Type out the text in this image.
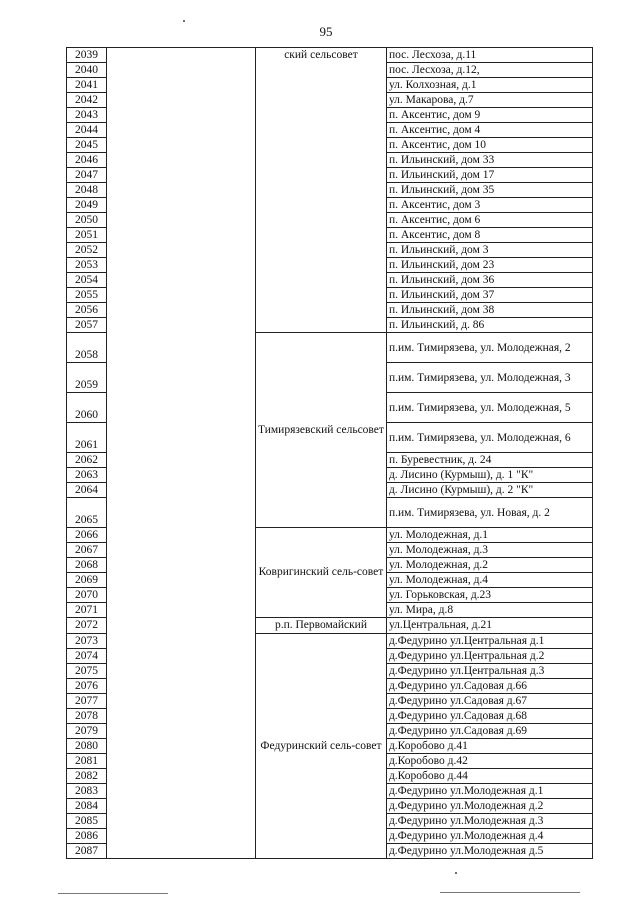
95
2039		ский сельсовет	пос. Лесхоза, д.11
2040			пос. Лесхоза, д.12,
2041			ул. Колхозная, д.1
2042			ул. Макарова, д.7
2043			п. Аксентис, дом 9
2044			п. Аксентис, дом 4
2045			п. Аксентис, дом 10
2046			п. Ильинский, дом 33
2047			п. Ильинский, дом 17
2048			п. Ильинский, дом 35
2049			п. Аксентис, дом 3
2050			п. Аксентис, дом 6
2051			п. Аксентис, дом 8
2052			п. Ильинский, дом 3
2053			п. Ильинский, дом 23
2054			п. Ильинский, дом 36
2055			п. Ильинский, дом 37
2056			п. Ильинский, дом 38
2057			п. Ильинский, д. 86
2058		Тимирязевский сельсовет	п.им. Тимирязева, ул. Молодежная, 2
2059			п.им. Тимирязева, ул. Молодежная, 3
2060			п.им. Тимирязева, ул. Молодежная, 5
2061			п.им. Тимирязева, ул. Молодежная, 6
2062			п. Буревестник, д. 24
2063			д. Лисино (Курмыш), д. 1 "К"
2064			д. Лисино (Курмыш), д. 2 "К"
2065			п.им. Тимирязева, ул. Новая, д. 2
2066		Ковригинский сель-совет	ул. Молодежная, д.1
2067			ул. Молодежная, д.3
2068			ул. Молодежная, д.2
2069			ул. Молодежная, д.4
2070			ул. Горьковская, д.23
2071			ул. Мира, д.8
2072		р.п. Первомайский	ул.Центральная, д.21
2073		Федуринский сель-совет	д.Федурино ул.Центральная д.1
2074			д.Федурино ул.Центральная д.2
2075			д.Федурино ул.Центральная д.3
2076			д.Федурино ул.Садовая д.66
2077			д.Федурино ул.Садовая д.67
2078			д.Федурино ул.Садовая д.68
2079			д.Федурино ул.Садовая д.69
2080			д.Коробово д.41
2081			д.Коробово д.42
2082			д.Коробово д.44
2083			д.Федурино ул.Молодежная д.1
2084			д.Федурино ул.Молодежная д.2
2085			д.Федурино ул.Молодежная д.3
2086			д.Федурино ул.Молодежная д.4
2087			д.Федурино ул.Молодежная д.5
